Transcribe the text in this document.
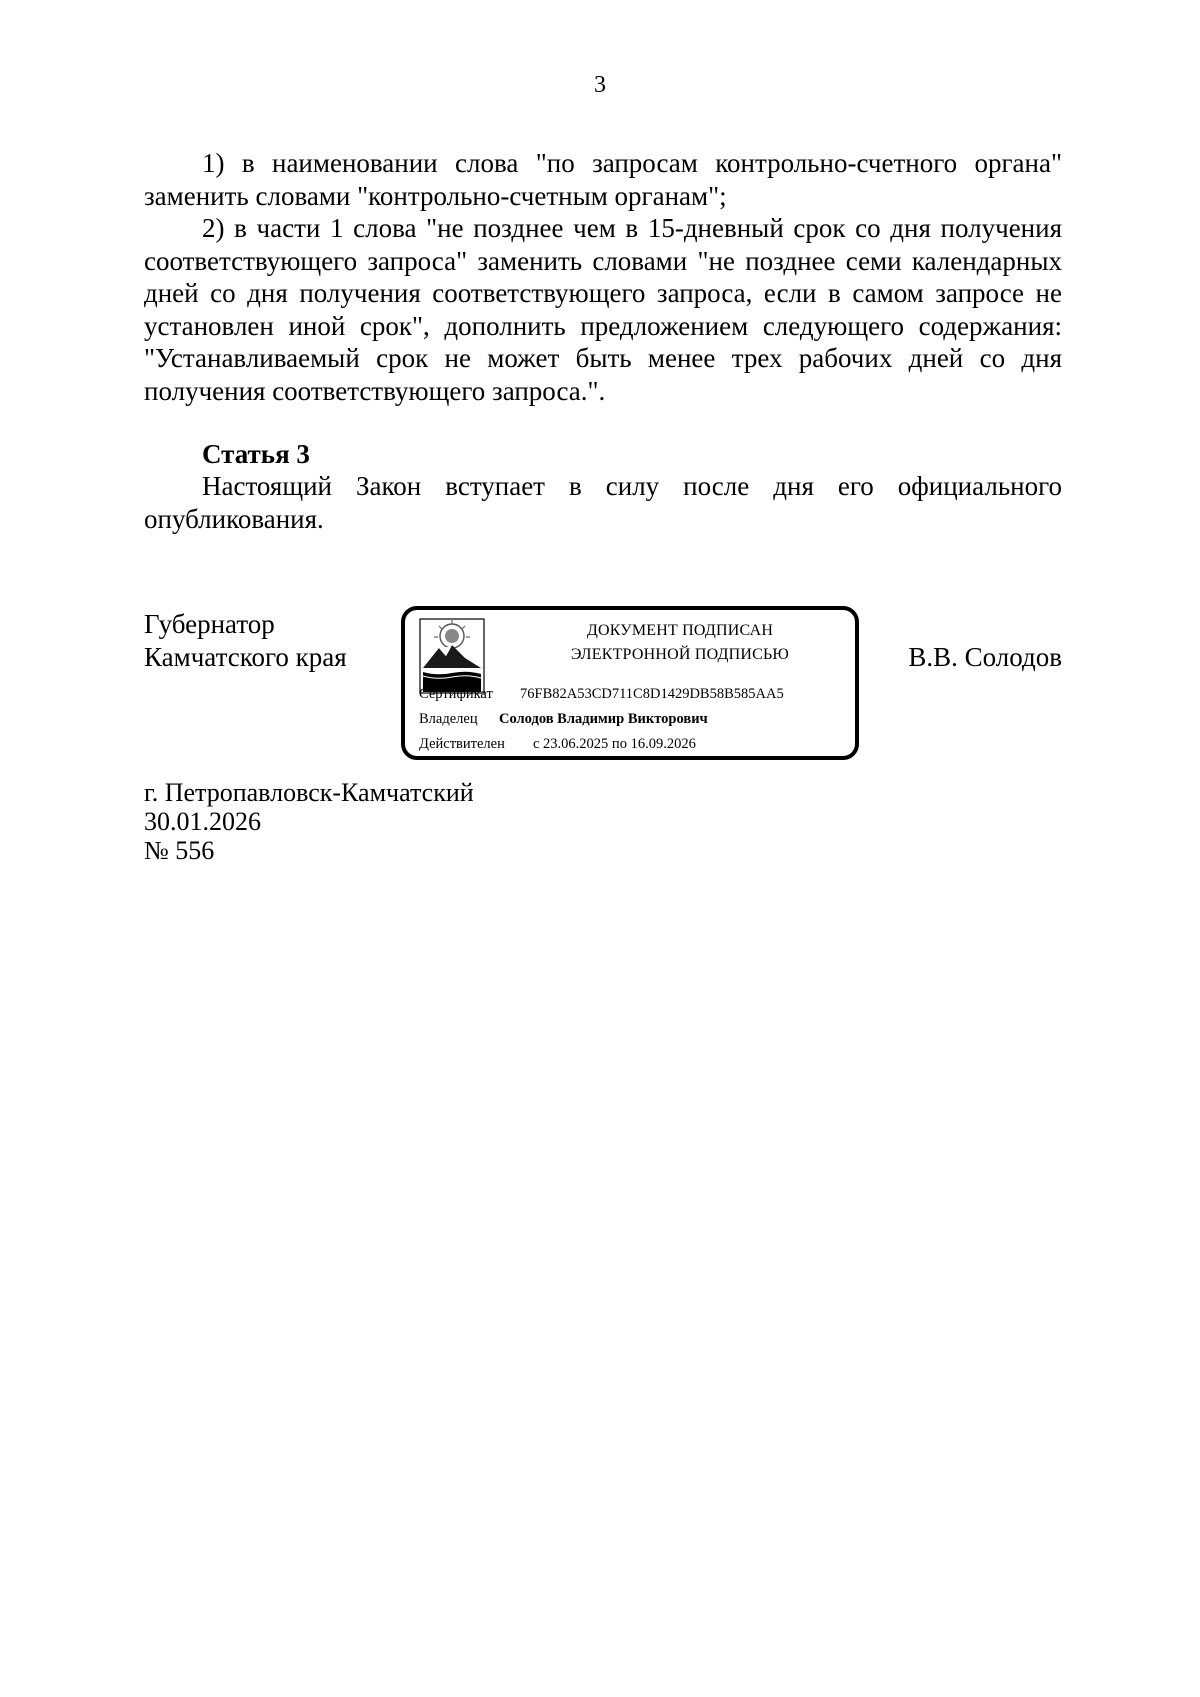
3

1) в наименовании слова "по запросам контрольно-счетного органа" заменить словами "контрольно-счетным органам";

2) в части 1 слова "не позднее чем в 15-дневный срок со дня получения соответствующего запроса" заменить словами "не позднее семи календарных дней со дня получения соответствующего запроса, если в самом запросе не установлен иной срок", дополнить предложением следующего содержания: "Устанавливаемый срок не может быть менее трех рабочих дней со дня получения соответствующего запроса.".

Статья 3

Настоящий Закон вступает в силу после дня его официального опубликования.

Губернатор
Камчатского края
ДОКУМЕНТ ПОДПИСАН
ЭЛЕКТРОННОЙ ПОДПИСЬЮ
Сертификат 76FB82A53CD711C8D1429DB58B585AA5
Владелец Солодов Владимир Викторович
Действителен с 23.06.2025 по 16.09.2026
В.В. Солодов
г. Петропавловск-Камчатский
30.01.2026
№ 556
